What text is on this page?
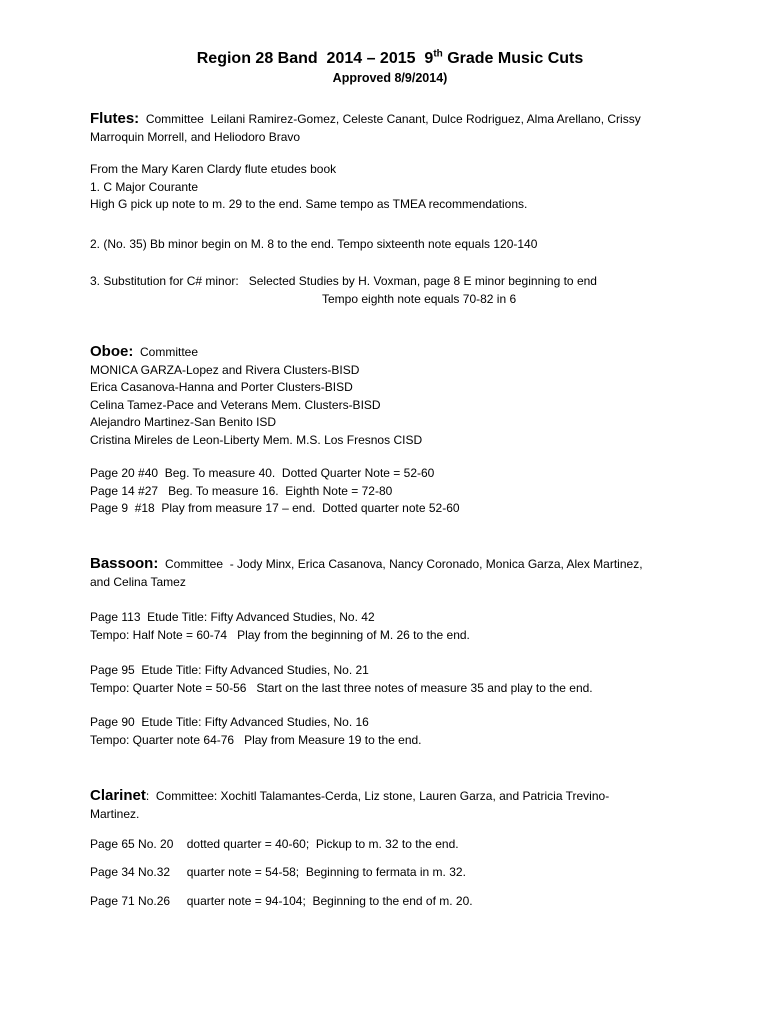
Region 28 Band  2014 – 2015  9th Grade Music Cuts

Approved 8/9/2014)

Flutes:  Committee  Leilani Ramirez-Gomez, Celeste Canant, Dulce Rodriguez, Alma Arellano, Crissy

Marroquin Morrell, and Heliodoro Bravo

From the Mary Karen Clardy flute etudes book

1. C Major Courante

High G pick up note to m. 29 to the end. Same tempo as TMEA recommendations.

2. (No. 35) Bb minor begin on M. 8 to the end. Tempo sixteenth note equals 120-140

3. Substitution for C# minor:   Selected Studies by H. Voxman, page 8 E minor beginning to end

Tempo eighth note equals 70-82 in 6

Oboe:  Committee

MONICA GARZA-Lopez and Rivera Clusters-BISD

Erica Casanova-Hanna and Porter Clusters-BISD

Celina Tamez-Pace and Veterans Mem. Clusters-BISD

Alejandro Martinez-San Benito ISD

Cristina Mireles de Leon-Liberty Mem. M.S. Los Fresnos CISD

Page 20 #40  Beg. To measure 40.  Dotted Quarter Note = 52-60

Page 14 #27   Beg. To measure 16.  Eighth Note = 72-80

Page 9  #18  Play from measure 17 – end.  Dotted quarter note 52-60

Bassoon:  Committee  - Jody Minx, Erica Casanova, Nancy Coronado, Monica Garza, Alex Martinez,

and Celina Tamez

Page 113  Etude Title: Fifty Advanced Studies, No. 42

Tempo: Half Note = 60-74   Play from the beginning of M. 26 to the end.

Page 95  Etude Title: Fifty Advanced Studies, No. 21

Tempo: Quarter Note = 50-56   Start on the last three notes of measure 35 and play to the end.

Page 90  Etude Title: Fifty Advanced Studies, No. 16

Tempo: Quarter note 64-76   Play from Measure 19 to the end.

Clarinet:  Committee: Xochitl Talamantes-Cerda, Liz stone, Lauren Garza, and Patricia Trevino-

Martinez.

Page 65 No. 20    dotted quarter = 40-60;  Pickup to m. 32 to the end.

Page 34 No.32     quarter note = 54-58;  Beginning to fermata in m. 32.

Page 71 No.26     quarter note = 94-104;  Beginning to the end of m. 20.
